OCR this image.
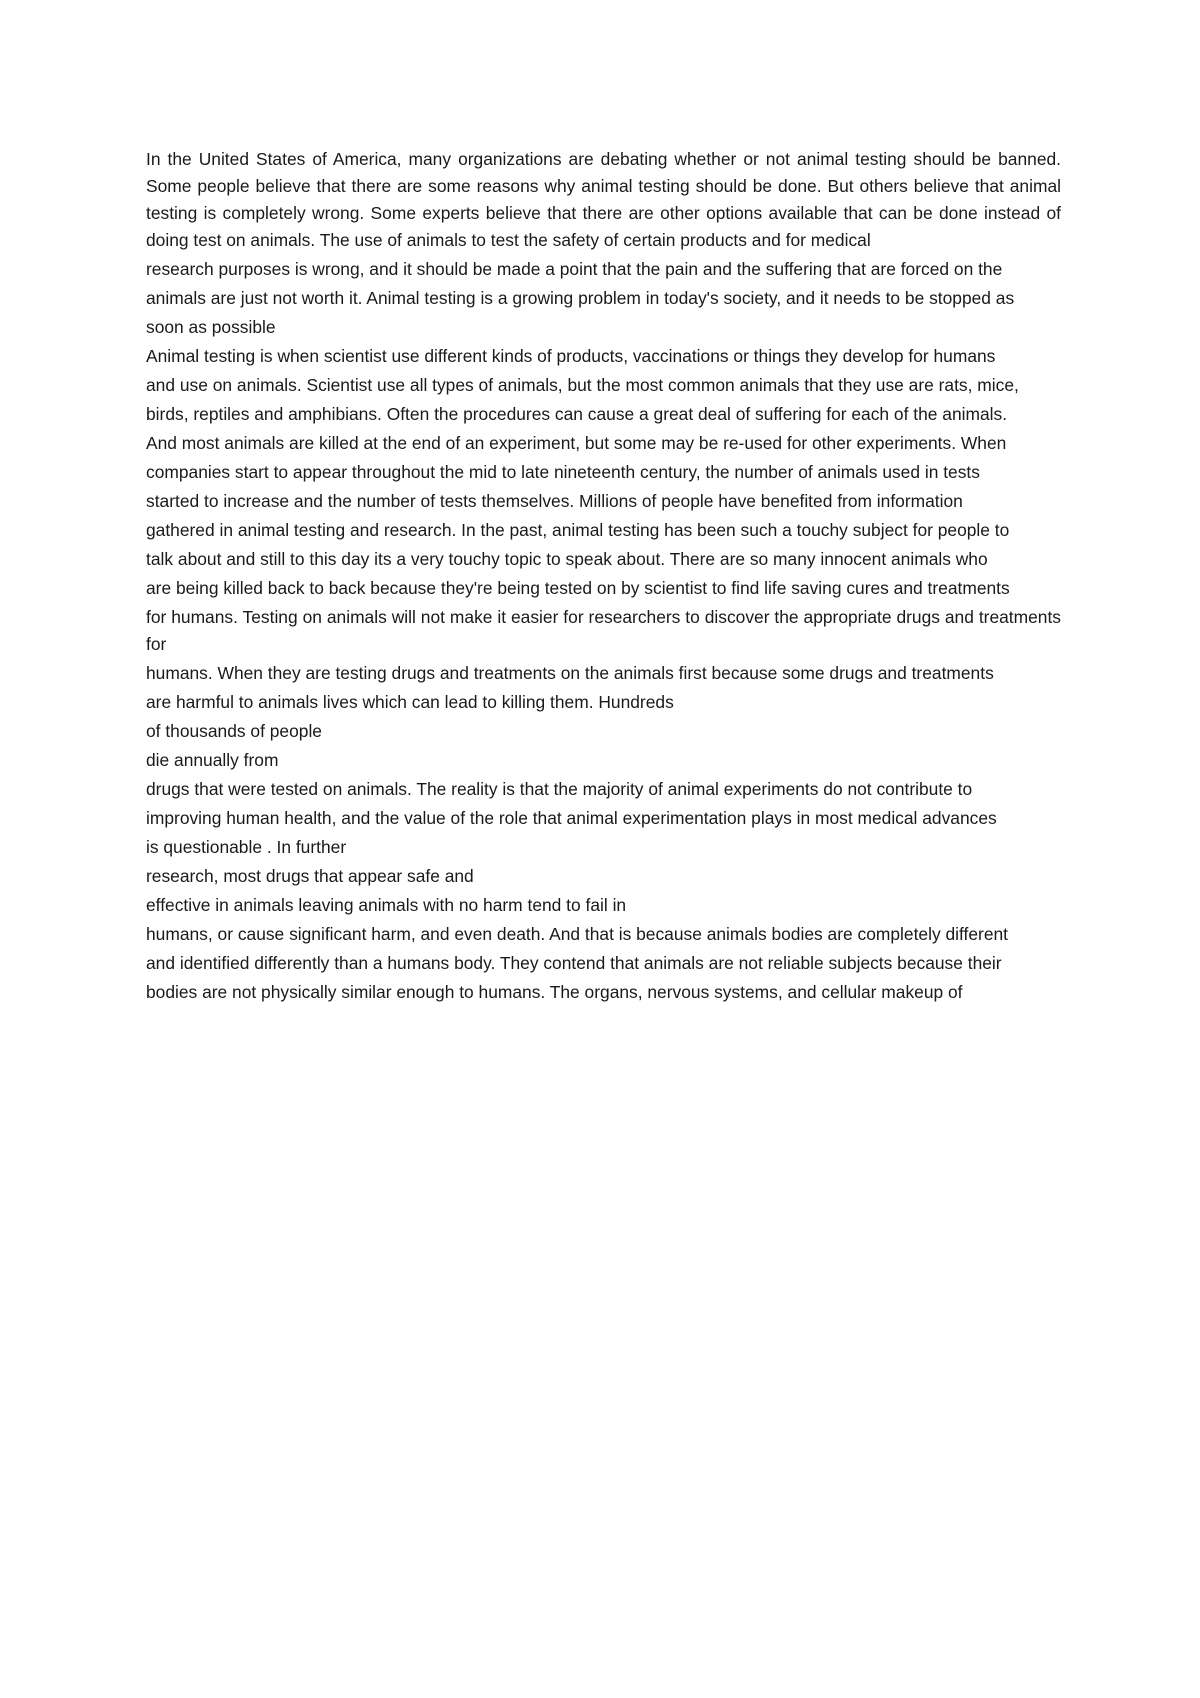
In the United States of America, many organizations are debating whether or not animal testing should be banned. Some people believe that there are some reasons why animal testing should be done. But others believe that animal testing is completely wrong. Some experts believe that there are other options available that can be done instead of doing test on animals. The use of animals to test the safety of certain products and for medical

research purposes is wrong, and it should be made a point that the pain and the suffering that are forced on the

animals are just not worth it. Animal testing is a growing problem in today's society, and it needs to be stopped as

soon as possible

Animal testing is when scientist use different kinds of products, vaccinations or things they develop for humans

and use on animals. Scientist use all types of animals, but the most common animals that they use are rats, mice,

birds, reptiles and amphibians. Often the procedures can cause a great deal of suffering for each of the animals.

And most animals are killed at the end of an experiment, but some may be re-used for other experiments. When

companies start to appear throughout the mid to late nineteenth century, the number of animals used in tests

started to increase and the number of tests themselves. Millions of people have benefited from information

gathered in animal testing and research. In the past, animal testing has been such a touchy subject for people to

talk about and still to this day its a very touchy topic to speak about. There are so many innocent animals who

are being killed back to back because they're being tested on by scientist to find life saving cures and treatments

for humans. Testing on animals will not make it easier for researchers to discover the appropriate drugs and treatments for

humans. When they are testing drugs and treatments on the animals first because some drugs and treatments

are harmful to animals lives which can lead to killing them. Hundreds

of thousands of people

die annually from

drugs that were tested on animals. The reality is that the majority of animal experiments do not contribute to

improving human health, and the value of the role that animal experimentation plays in most medical advances

is questionable . In further

research, most drugs that appear safe and

effective in animals leaving animals with no harm tend to fail in

humans, or cause significant harm, and even death. And that is because animals bodies are completely different

and identified differently than a humans body. They contend that animals are not reliable subjects because their

bodies are not physically similar enough to humans. The organs, nervous systems, and cellular makeup of
